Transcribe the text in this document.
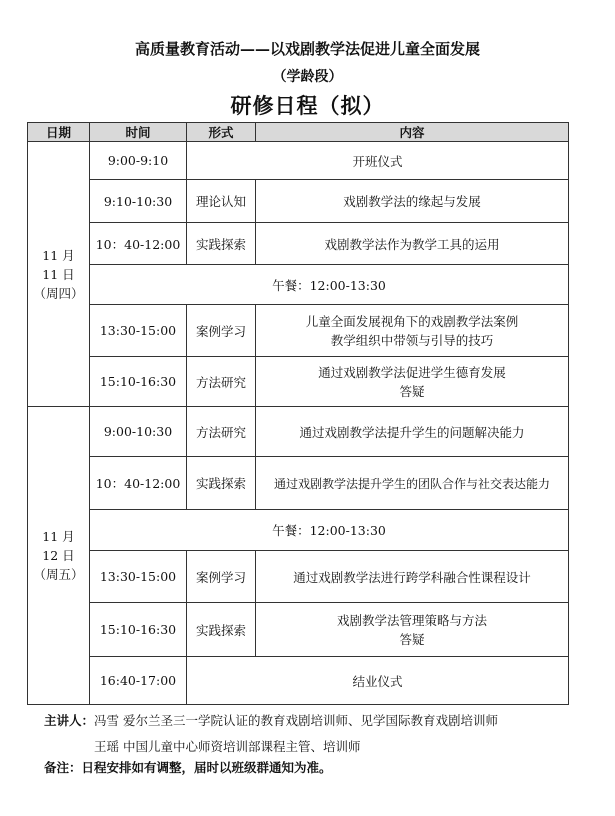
高质量教育活动——以戏剧教学法促进儿童全面发展
（学龄段）
研修日程（拟）
日期	时间	形式	内容

11 月
11 日
（周四）	9:00-9:10	开班仪式	
	9:10-10:30	理论认知	戏剧教学法的缘起与发展
	10：40-12:00	实践探索	戏剧教学法作为教学工具的运用
	午餐：12:00-13:30		
	13:30-15:00	案例学习	儿童全面发展视角下的戏剧教学法案例
教学组织中带领与引导的技巧

	15:10-16:30	方法研究	通过戏剧教学法促进学生德育发展
答疑

11 月
12 日
（周五）	9:00-10:30	方法研究	通过戏剧教学法提升学生的问题解决能力
	10：40-12:00	实践探索	通过戏剧教学法提升学生的团队合作与社交表达能力
	午餐：12:00-13:30		
	13:30-15:00	案例学习	通过戏剧教学法进行跨学科融合性课程设计
	15:10-16:30	实践探索	戏剧教学法管理策略与方法
答疑

	16:40-17:00	结业仪式	
主讲人：冯雪 爱尔兰圣三一学院认证的教育戏剧培训师、见学国际教育戏剧培训师
王瑶 中国儿童中心师资培训部课程主管、培训师
备注：日程安排如有调整，届时以班级群通知为准。
